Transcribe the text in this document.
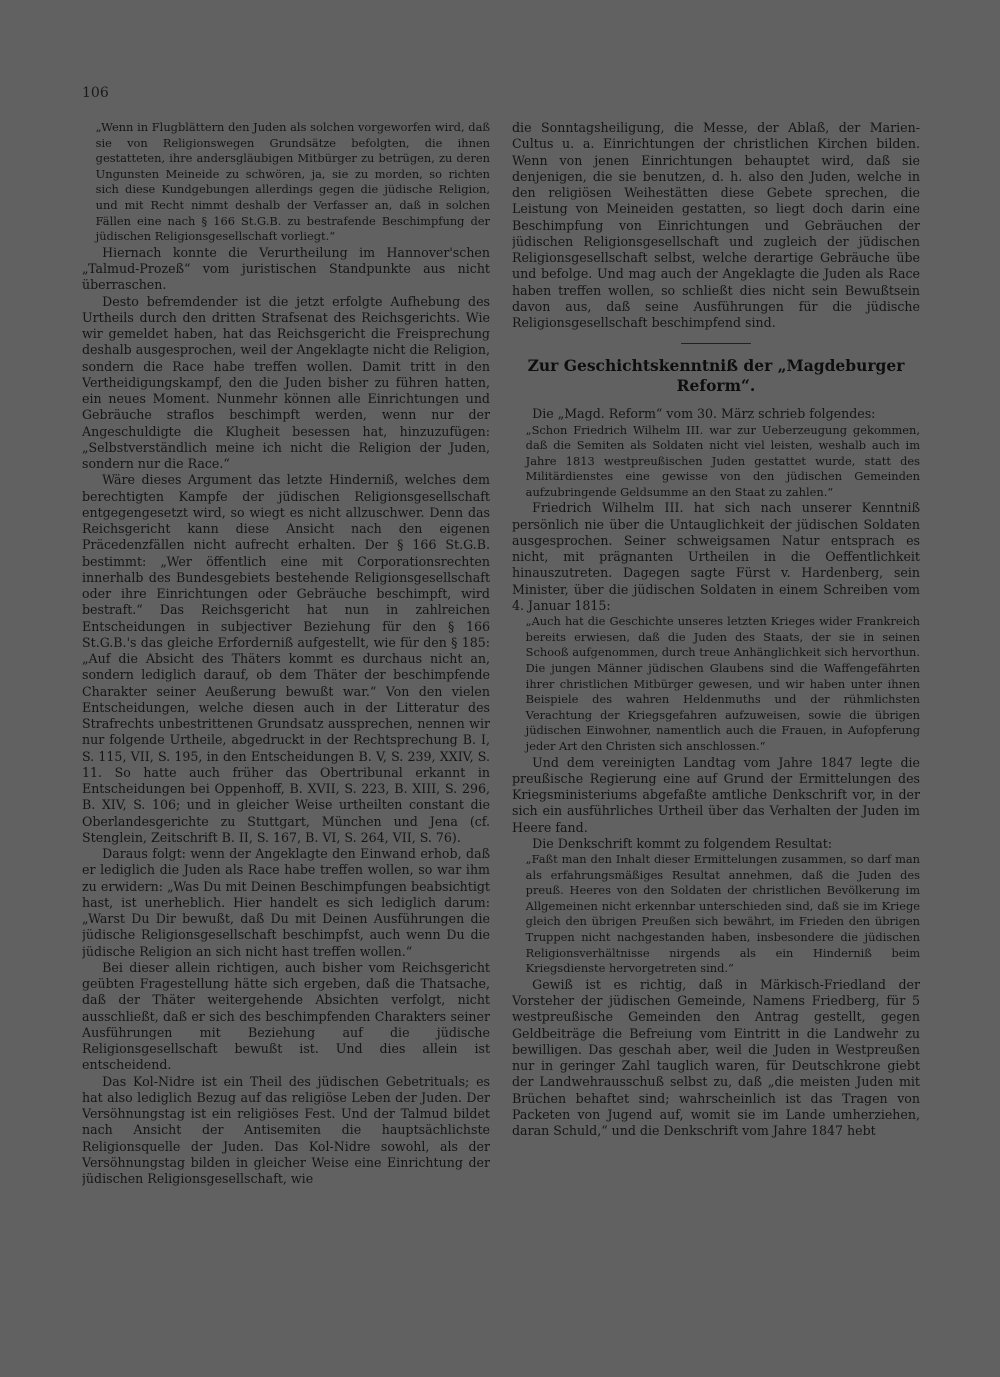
106

„Wenn in Flugblättern den Juden als solchen vorgeworfen wird, daß sie von Religionswegen Grundsätze befolgten, die ihnen gestatteten, ihre andersgläubigen Mitbürger zu betrügen, zu deren Ungunsten Meineide zu schwören, ja, sie zu morden, so richten sich diese Kundgebungen allerdings gegen die jüdische Religion, und mit Recht nimmt deshalb der Verfasser an, daß in solchen Fällen eine nach § 166 St.G.B. zu bestrafende Beschimpfung der jüdischen Religionsgesellschaft vorliegt.“

Hiernach konnte die Verurtheilung im Hannover'schen „Talmud-Prozeß“ vom juristischen Standpunkte aus nicht überraschen.

Desto befremdender ist die jetzt erfolgte Aufhebung des Urtheils durch den dritten Strafsenat des Reichsgerichts. Wie wir gemeldet haben, hat das Reichsgericht die Freisprechung deshalb ausgesprochen, weil der Angeklagte nicht die Religion, sondern die Race habe treffen wollen. Damit tritt in den Vertheidigungskampf, den die Juden bisher zu führen hatten, ein neues Moment. Nunmehr können alle Einrichtungen und Gebräuche straflos beschimpft werden, wenn nur der Angeschuldigte die Klugheit besessen hat, hinzuzufügen: „Selbstverständlich meine ich nicht die Religion der Juden, sondern nur die Race.“

Wäre dieses Argument das letzte Hinderniß, welches dem berechtigten Kampfe der jüdischen Religionsgesellschaft entgegengesetzt wird, so wiegt es nicht allzuschwer. Denn das Reichsgericht kann diese Ansicht nach den eigenen Präcedenzfällen nicht aufrecht erhalten. Der § 166 St.G.B. bestimmt: „Wer öffentlich eine mit Corporationsrechten innerhalb des Bundesgebiets bestehende Religionsgesellschaft oder ihre Einrichtungen oder Gebräuche beschimpft, wird bestraft.“ Das Reichsgericht hat nun in zahlreichen Entscheidungen in subjectiver Beziehung für den § 166 St.G.B.'s das gleiche Erforderniß aufgestellt, wie für den § 185: „Auf die Absicht des Thäters kommt es durchaus nicht an, sondern lediglich darauf, ob dem Thäter der beschimpfende Charakter seiner Aeußerung bewußt war.“ Von den vielen Entscheidungen, welche diesen auch in der Litteratur des Strafrechts unbestrittenen Grundsatz aussprechen, nennen wir nur folgende Urtheile, abgedruckt in der Rechtsprechung B. I, S. 115, VII, S. 195, in den Entscheidungen B. V, S. 239, XXIV, S. 11. So hatte auch früher das Obertribunal erkannt in Entscheidungen bei Oppenhoff, B. XVII, S. 223, B. XIII, S. 296, B. XIV, S. 106; und in gleicher Weise urtheilten constant die Oberlandesgerichte zu Stuttgart, München und Jena (cf. Stenglein, Zeitschrift B. II, S. 167, B. VI, S. 264, VII, S. 76).

Daraus folgt: wenn der Angeklagte den Einwand erhob, daß er lediglich die Juden als Race habe treffen wollen, so war ihm zu erwidern: „Was Du mit Deinen Beschimpfungen beabsichtigt hast, ist unerheblich. Hier handelt es sich lediglich darum: „Warst Du Dir bewußt, daß Du mit Deinen Ausführungen die jüdische Religionsgesellschaft beschimpfst, auch wenn Du die jüdische Religion an sich nicht hast treffen wollen.“

Bei dieser allein richtigen, auch bisher vom Reichsgericht geübten Fragestellung hätte sich ergeben, daß die Thatsache, daß der Thäter weitergehende Absichten verfolgt, nicht ausschließt, daß er sich des beschimpfenden Charakters seiner Ausführungen mit Beziehung auf die jüdische Religionsgesellschaft bewußt ist. Und dies allein ist entscheidend.

Das Kol-Nidre ist ein Theil des jüdischen Gebetrituals; es hat also lediglich Bezug auf das religiöse Leben der Juden. Der Versöhnungstag ist ein religiöses Fest. Und der Talmud bildet nach Ansicht der Antisemiten die hauptsächlichste Religionsquelle der Juden. Das Kol-Nidre sowohl, als der Versöhnungstag bilden in gleicher Weise eine Einrichtung der jüdischen Religionsgesellschaft, wie

die Sonntagsheiligung, die Messe, der Ablaß, der Marien-Cultus u. a. Einrichtungen der christlichen Kirchen bilden. Wenn von jenen Einrichtungen behauptet wird, daß sie denjenigen, die sie benutzen, d. h. also den Juden, welche in den religiösen Weihestätten diese Gebete sprechen, die Leistung von Meineiden gestatten, so liegt doch darin eine Beschimpfung von Einrichtungen und Gebräuchen der jüdischen Religionsgesellschaft und zugleich der jüdischen Religionsgesellschaft selbst, welche derartige Gebräuche übe und befolge. Und mag auch der Angeklagte die Juden als Race haben treffen wollen, so schließt dies nicht sein Bewußtsein davon aus, daß seine Ausführungen für die jüdische Religionsgesellschaft beschimpfend sind.

Zur Geschichtskenntniß der „Magdeburger Reform“.

Die „Magd. Reform“ vom 30. März schrieb folgendes:

„Schon Friedrich Wilhelm III. war zur Ueberzeugung gekommen, daß die Semiten als Soldaten nicht viel leisten, weshalb auch im Jahre 1813 westpreußischen Juden gestattet wurde, statt des Militärdienstes eine gewisse von den jüdischen Gemeinden aufzubringende Geldsumme an den Staat zu zahlen.“

Friedrich Wilhelm III. hat sich nach unserer Kenntniß persönlich nie über die Untauglichkeit der jüdischen Soldaten ausgesprochen. Seiner schweigsamen Natur entsprach es nicht, mit prägnanten Urtheilen in die Oeffentlichkeit hinauszutreten. Dagegen sagte Fürst v. Hardenberg, sein Minister, über die jüdischen Soldaten in einem Schreiben vom 4. Januar 1815:

„Auch hat die Geschichte unseres letzten Krieges wider Frankreich bereits erwiesen, daß die Juden des Staats, der sie in seinen Schooß aufgenommen, durch treue Anhänglichkeit sich hervorthun. Die jungen Männer jüdischen Glaubens sind die Waffengefährten ihrer christlichen Mitbürger gewesen, und wir haben unter ihnen Beispiele des wahren Heldenmuths und der rühmlichsten Verachtung der Kriegsgefahren aufzuweisen, sowie die übrigen jüdischen Einwohner, namentlich auch die Frauen, in Aufopferung jeder Art den Christen sich anschlossen.“

Und dem vereinigten Landtag vom Jahre 1847 legte die preußische Regierung eine auf Grund der Ermittelungen des Kriegsministeriums abgefaßte amtliche Denkschrift vor, in der sich ein ausführliches Urtheil über das Verhalten der Juden im Heere fand.

Die Denkschrift kommt zu folgendem Resultat:

„Faßt man den Inhalt dieser Ermittelungen zusammen, so darf man als erfahrungsmäßiges Resultat annehmen, daß die Juden des preuß. Heeres von den Soldaten der christlichen Bevölkerung im Allgemeinen nicht erkennbar unterschieden sind, daß sie im Kriege gleich den übrigen Preußen sich bewährt, im Frieden den übrigen Truppen nicht nachgestanden haben, insbesondere die jüdischen Religionsverhältnisse nirgends als ein Hinderniß beim Kriegsdienste hervorgetreten sind.“

Gewiß ist es richtig, daß in Märkisch-Friedland der Vorsteher der jüdischen Gemeinde, Namens Friedberg, für 5 westpreußische Gemeinden den Antrag gestellt, gegen Geldbeiträge die Befreiung vom Eintritt in die Landwehr zu bewilligen. Das geschah aber, weil die Juden in Westpreußen nur in geringer Zahl tauglich waren, für Deutschkrone giebt der Landwehrausschuß selbst zu, daß „die meisten Juden mit Brüchen behaftet sind; wahrscheinlich ist das Tragen von Packeten von Jugend auf, womit sie im Lande umherziehen, daran Schuld,“ und die Denkschrift vom Jahre 1847 hebt
